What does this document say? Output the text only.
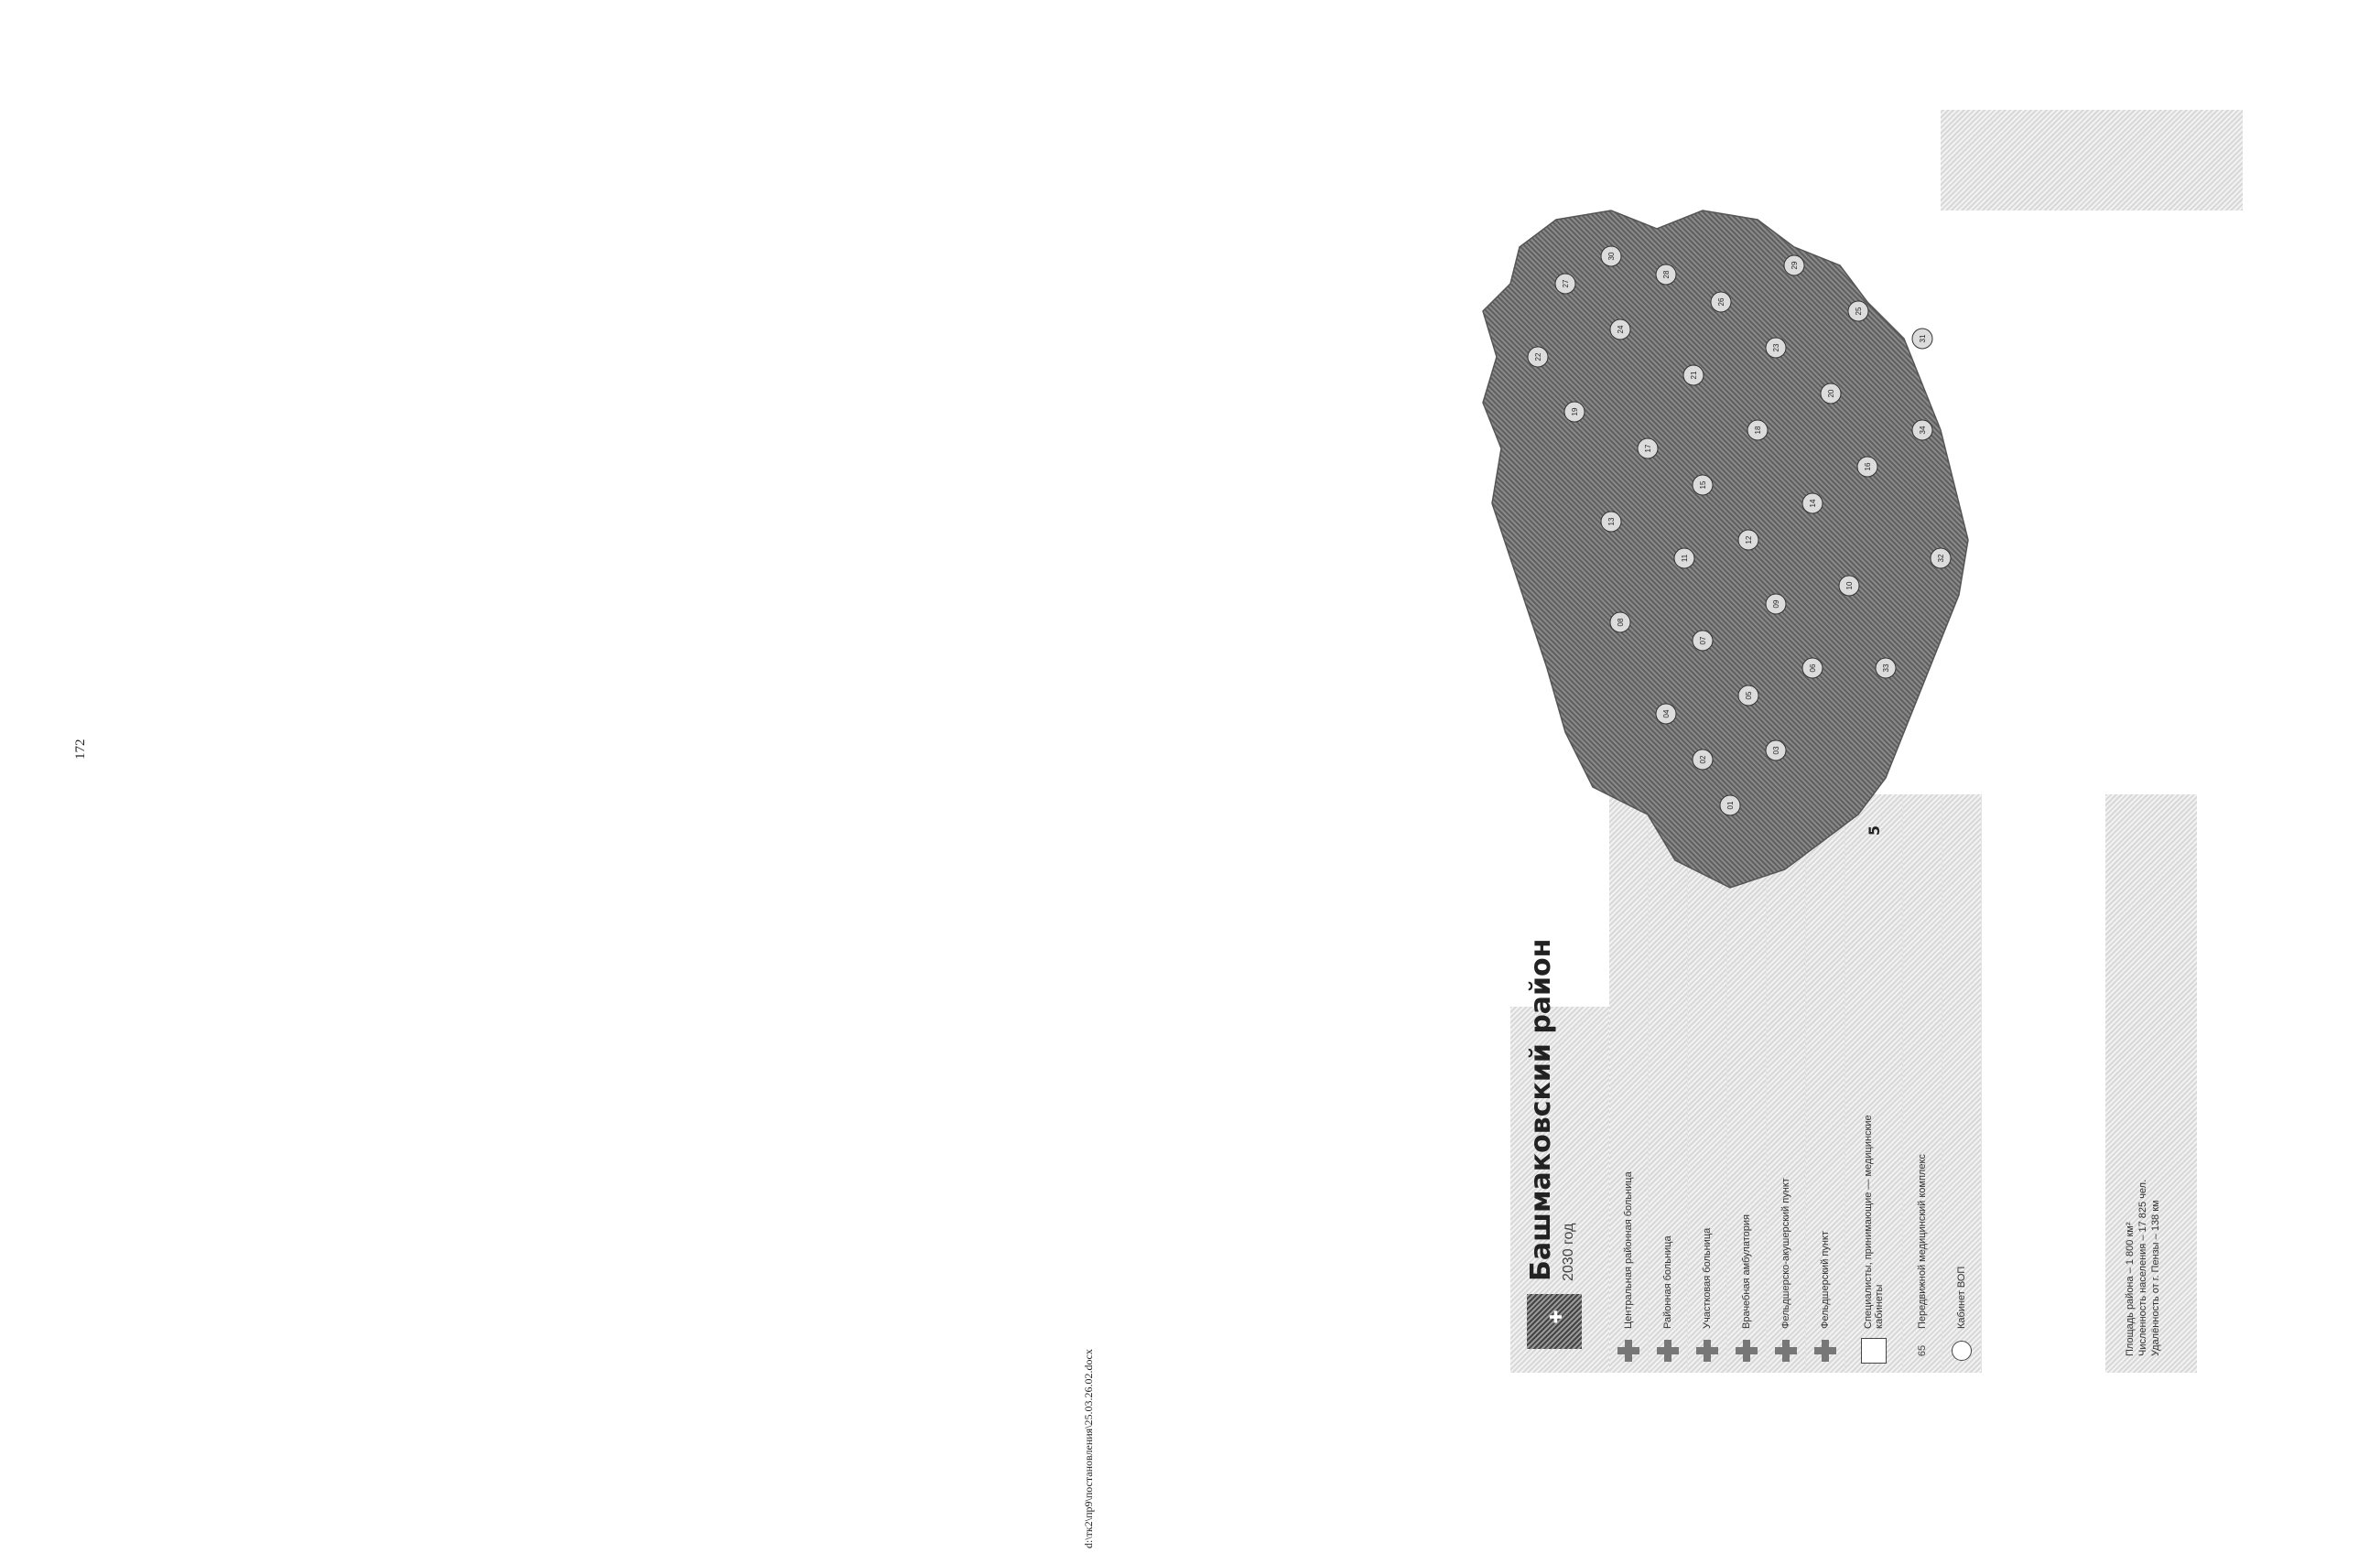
172
✚
Башмаковский район 2030 год	Центральная районная больница	Районная больница	Участковая больница	Врачебная амбулатория	Фельдшерско-акушерский пункт	Фельдшерский пункт	Специалисты, принимающие — медицинские кабинеты
5
65
Передвижной медицинский комплекс	Кабинет ВОП	Площадь района – 1 800 км² Численность населения – 17 825 чел. Удалённость от г. Пензы – 138 км
01
02
03
04
05
06
07
08
09
10
11
12
13
14
15
16
17
18
19
20
21
22
23
24
25
26
27
28
29
30
31
32
33
34
d:\тк2\пр9\постановления\25.03.26.02.docx
